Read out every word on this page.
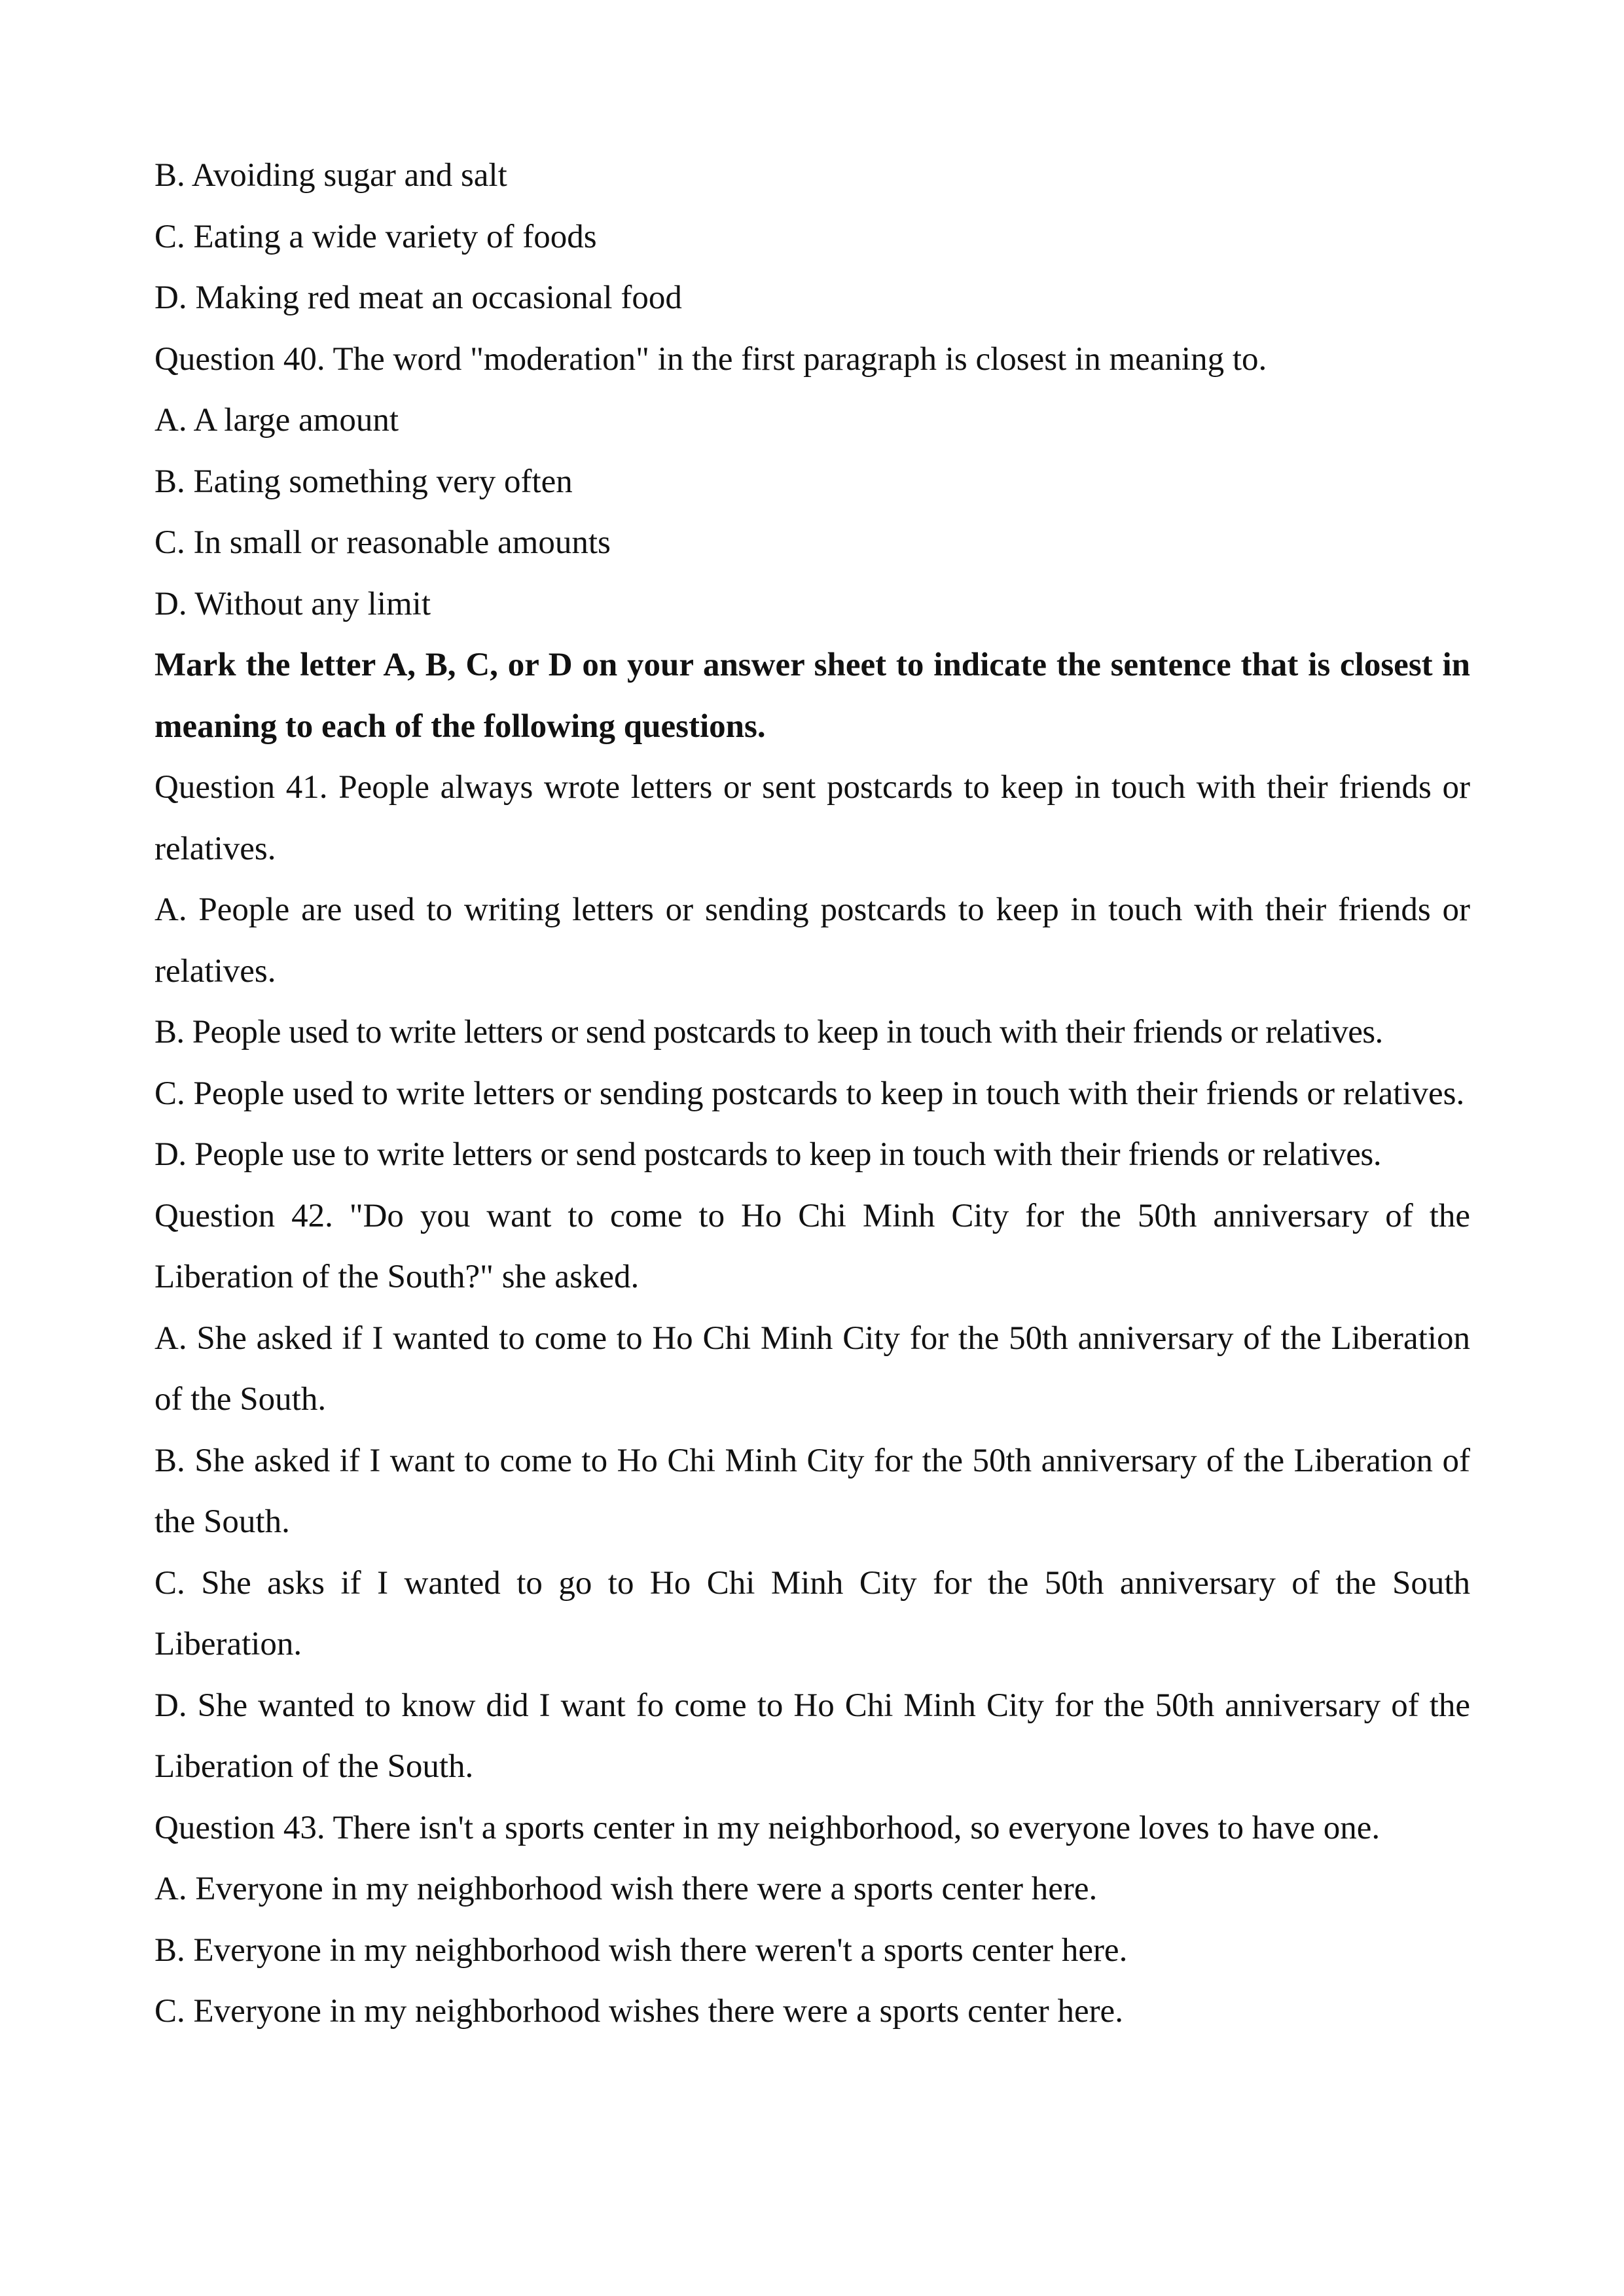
B. Avoiding sugar and salt
C. Eating a wide variety of foods
D. Making red meat an occasional food
Question 40. The word "moderation" in the first paragraph is closest in meaning to.
A. A large amount
B. Eating something very often
C. In small or reasonable amounts
D. Without any limit
Mark the letter A, B, C, or D on your answer sheet to indicate the sentence that is closest in meaning to each of the following questions.
Question 41. People always wrote letters or sent postcards to keep in touch with their friends or relatives.
A. People are used to writing letters or sending postcards to keep in touch with their friends or relatives.
B. People used to write letters or send postcards to keep in touch with their friends or relatives.
C. People used to write letters or sending postcards to keep in touch with their friends or relatives.
D. People use to write letters or send postcards to keep in touch with their friends or relatives.
Question 42. "Do you want to come to Ho Chi Minh City for the 50th anniversary of the Liberation of the South?" she asked.
A. She asked if I wanted to come to Ho Chi Minh City for the 50th anniversary of the Liberation of the South.
B. She asked if I want to come to Ho Chi Minh City for the 50th anniversary of the Liberation of the South.
C. She asks if I wanted to go to Ho Chi Minh City for the 50th anniversary of the South Liberation.
D. She wanted to know did I want fo come to Ho Chi Minh City for the 50th anniversary of the Liberation of the South.
Question 43. There isn't a sports center in my neighborhood, so everyone loves to have one.
A. Everyone in my neighborhood wish there were a sports center here.
B. Everyone in my neighborhood wish there weren't a sports center here.
C. Everyone in my neighborhood wishes there were a sports center here.
